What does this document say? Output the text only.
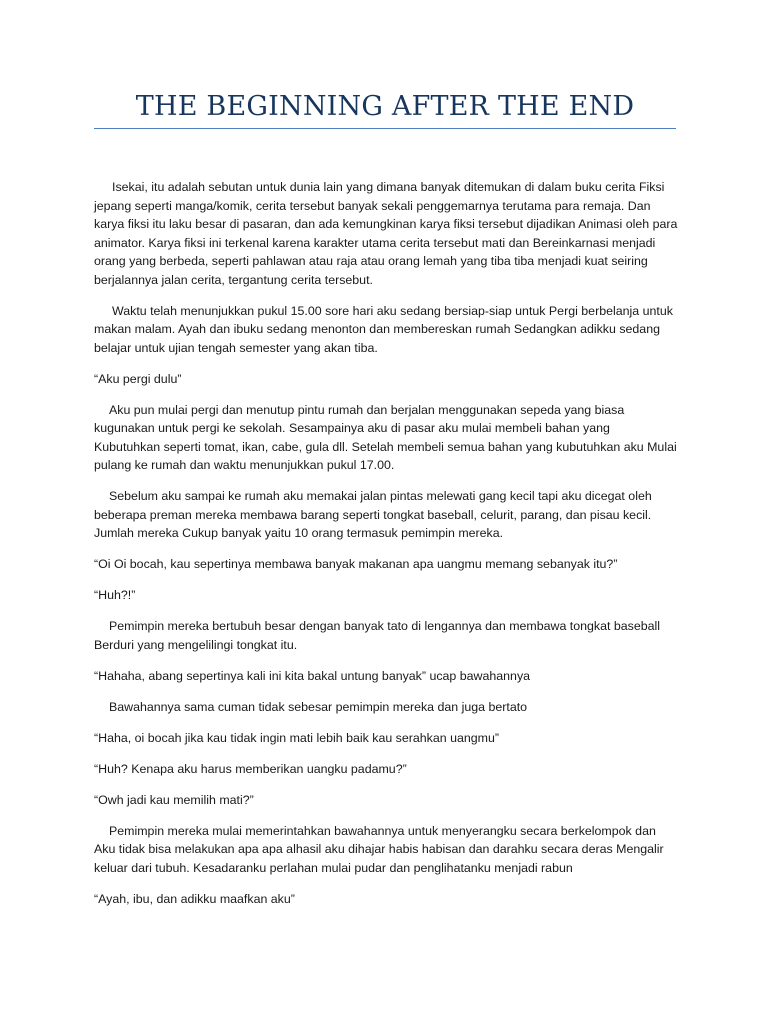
THE BEGINNING AFTER THE END

Isekai, itu adalah sebutan untuk dunia lain yang dimana banyak ditemukan di dalam buku cerita Fiksi jepang seperti manga/komik, cerita tersebut banyak sekali penggemarnya terutama para remaja. Dan karya fiksi itu laku besar di pasaran, dan ada kemungkinan karya fiksi tersebut dijadikan Animasi oleh para animator. Karya fiksi ini terkenal karena karakter utama cerita tersebut mati dan Bereinkarnasi menjadi orang yang berbeda, seperti pahlawan atau raja atau orang lemah yang tiba tiba menjadi kuat seiring berjalannya jalan cerita, tergantung cerita tersebut.

Waktu telah menunjukkan pukul 15.00 sore hari aku sedang bersiap-siap untuk Pergi berbelanja untuk makan malam. Ayah dan ibuku sedang menonton dan membereskan rumah Sedangkan adikku sedang belajar untuk ujian tengah semester yang akan tiba.

“Aku pergi dulu”

Aku pun mulai pergi dan menutup pintu rumah dan berjalan menggunakan sepeda yang biasa kugunakan untuk pergi ke sekolah. Sesampainya aku di pasar aku mulai membeli bahan yang Kubutuhkan seperti tomat, ikan, cabe, gula dll. Setelah membeli semua bahan yang kubutuhkan aku Mulai pulang ke rumah dan waktu menunjukkan pukul 17.00.

Sebelum aku sampai ke rumah aku memakai jalan pintas melewati gang kecil tapi aku dicegat oleh beberapa preman mereka membawa barang seperti tongkat baseball, celurit, parang, dan pisau kecil. Jumlah mereka Cukup banyak yaitu 10 orang termasuk pemimpin mereka.

“Oi Oi bocah, kau sepertinya membawa banyak makanan apa uangmu memang sebanyak itu?”

“Huh?!”

Pemimpin mereka bertubuh besar dengan banyak tato di lengannya dan membawa tongkat baseball Berduri yang mengelilingi tongkat itu.

“Hahaha, abang sepertinya kali ini kita bakal untung banyak” ucap bawahannya

Bawahannya sama cuman tidak sebesar pemimpin mereka dan juga bertato

“Haha, oi bocah jika kau tidak ingin mati lebih baik kau serahkan uangmu”

“Huh? Kenapa aku harus memberikan uangku padamu?”

“Owh jadi kau memilih mati?”

Pemimpin mereka mulai memerintahkan bawahannya untuk menyerangku secara berkelompok dan Aku tidak bisa melakukan apa apa alhasil aku dihajar habis habisan dan darahku secara deras Mengalir keluar dari tubuh. Kesadaranku perlahan mulai pudar dan penglihatanku menjadi rabun

“Ayah, ibu, dan adikku maafkan aku”
